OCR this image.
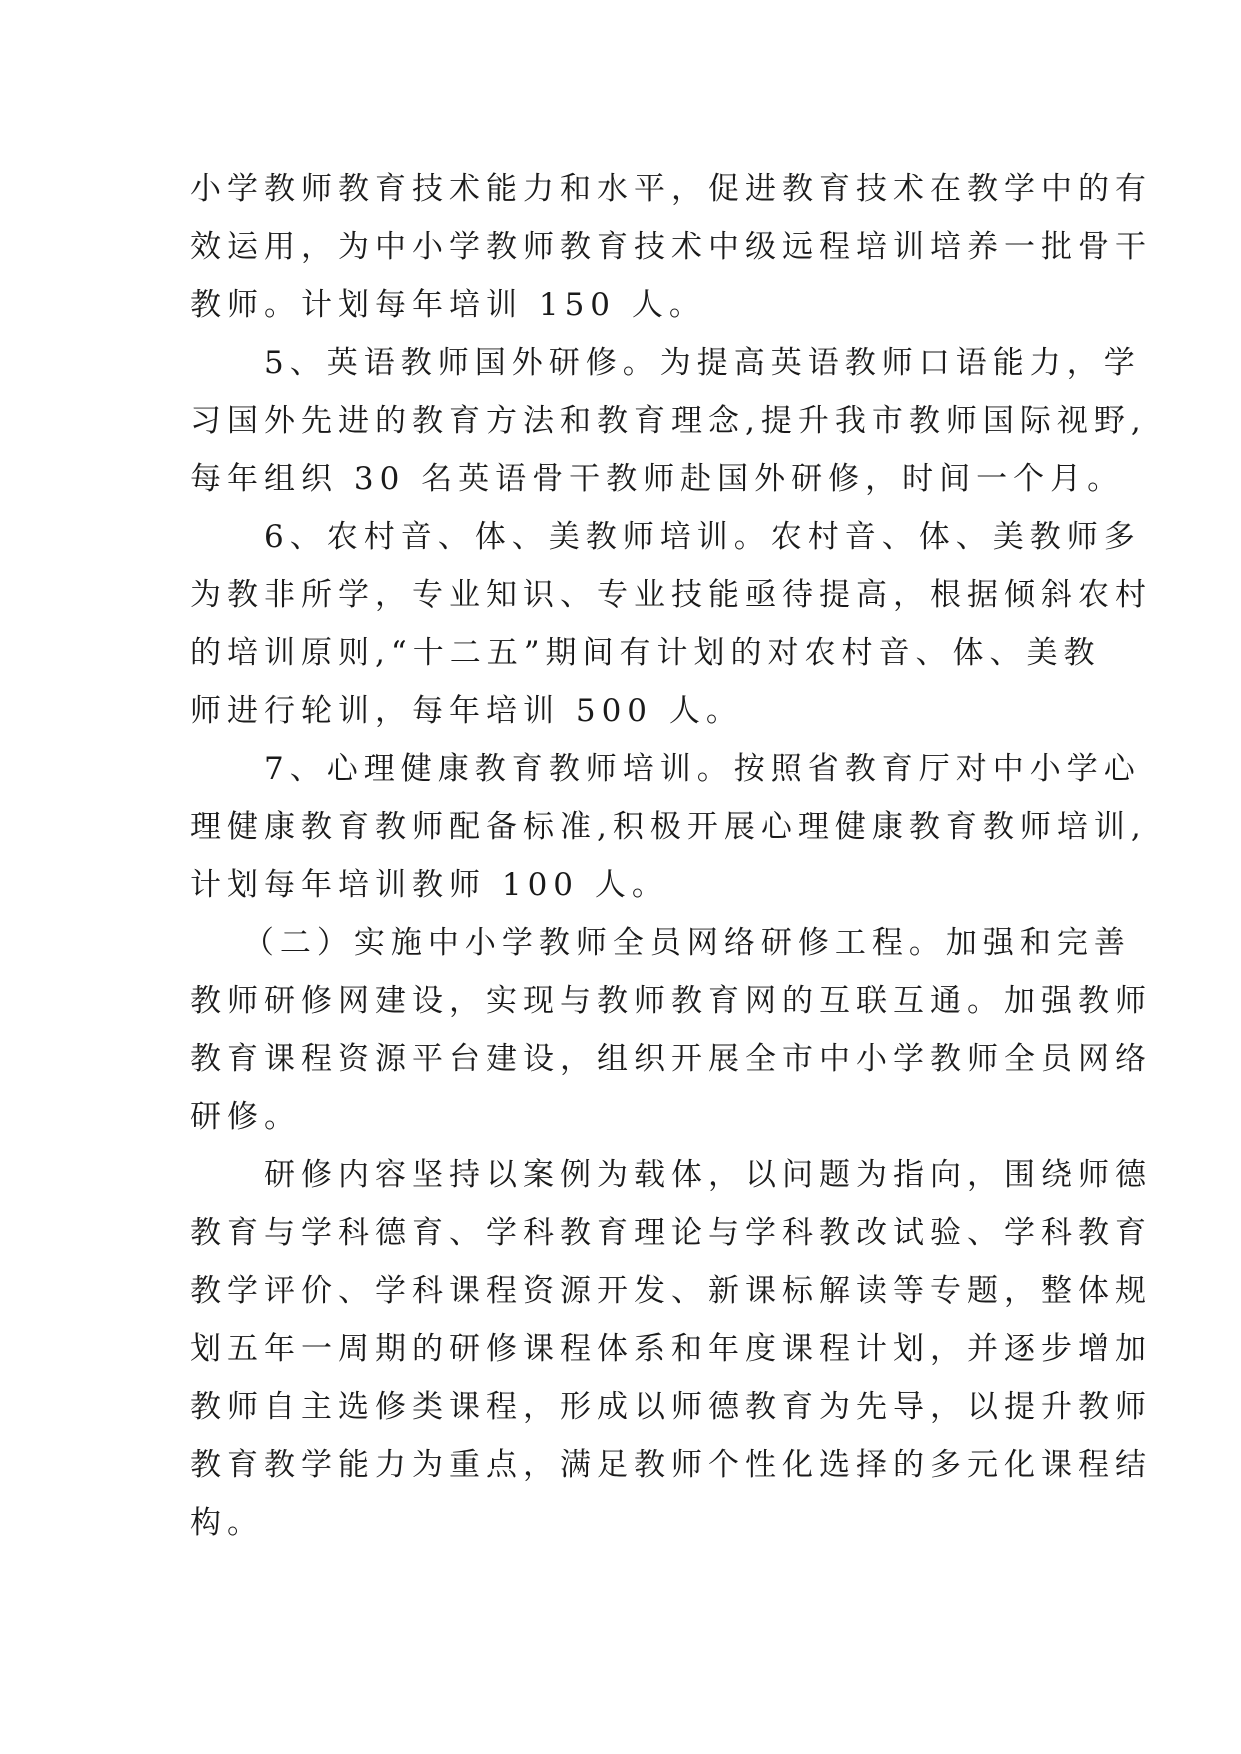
小学教师教育技术能力和水平，促进教育技术在教学中的有
效运用，为中小学教师教育技术中级远程培训培养一批骨干
教师。计划每年培训 150 人。
　　5、英语教师国外研修。为提高英语教师口语能力，学
习国外先进的教育方法和教育理念,提升我市教师国际视野,
每年组织 30 名英语骨干教师赴国外研修，时间一个月。
　　6、农村音、体、美教师培训。农村音、体、美教师多
为教非所学，专业知识、专业技能亟待提高，根据倾斜农村
的培训原则,“十二五”期间有计划的对农村音、体、美教
师进行轮训，每年培训 500 人。
　　7、心理健康教育教师培训。按照省教育厅对中小学心
理健康教育教师配备标准,积极开展心理健康教育教师培训,
计划每年培训教师 100 人。
　 （二）实施中小学教师全员网络研修工程。加强和完善
教师研修网建设，实现与教师教育网的互联互通。加强教师
教育课程资源平台建设，组织开展全市中小学教师全员网络
研修。
　　研修内容坚持以案例为载体，以问题为指向，围绕师德
教育与学科德育、学科教育理论与学科教改试验、学科教育
教学评价、学科课程资源开发、新课标解读等专题，整体规
划五年一周期的研修课程体系和年度课程计划，并逐步增加
教师自主选修类课程，形成以师德教育为先导，以提升教师
教育教学能力为重点，满足教师个性化选择的多元化课程结
构。
